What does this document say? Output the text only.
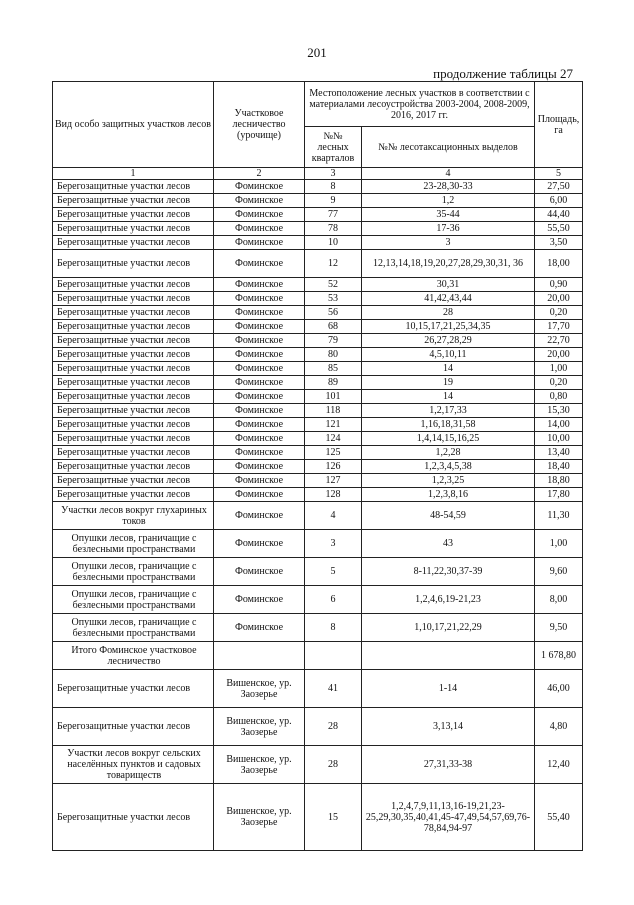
201
продолжение таблицы 27
Вид особо защитных участков лесов	Участковое лесничество (урочище)	Местоположение лесных участков в соответствии с материалами лесоустройства 2003-2004, 2008-2009, 2016, 2017 гг.		Площадь, га
		№№ лесных кварталов	№№ лесотаксационных выделов	
1	2	3	4	5
Берегозащитные участки лесов	Фоминское	8	23-28,30-33	27,50
Берегозащитные участки лесов	Фоминское	9	1,2	6,00
Берегозащитные участки лесов	Фоминское	77	35-44	44,40
Берегозащитные участки лесов	Фоминское	78	17-36	55,50
Берегозащитные участки лесов	Фоминское	10	3	3,50
Берегозащитные участки лесов	Фоминское	12	12,13,14,18,19,20,27,28,29,30,31, 36	18,00
Берегозащитные участки лесов	Фоминское	52	30,31	0,90
Берегозащитные участки лесов	Фоминское	53	41,42,43,44	20,00
Берегозащитные участки лесов	Фоминское	56	28	0,20
Берегозащитные участки лесов	Фоминское	68	10,15,17,21,25,34,35	17,70
Берегозащитные участки лесов	Фоминское	79	26,27,28,29	22,70
Берегозащитные участки лесов	Фоминское	80	4,5,10,11	20,00
Берегозащитные участки лесов	Фоминское	85	14	1,00
Берегозащитные участки лесов	Фоминское	89	19	0,20
Берегозащитные участки лесов	Фоминское	101	14	0,80
Берегозащитные участки лесов	Фоминское	118	1,2,17,33	15,30
Берегозащитные участки лесов	Фоминское	121	1,16,18,31,58	14,00
Берегозащитные участки лесов	Фоминское	124	1,4,14,15,16,25	10,00
Берегозащитные участки лесов	Фоминское	125	1,2,28	13,40
Берегозащитные участки лесов	Фоминское	126	1,2,3,4,5,38	18,40
Берегозащитные участки лесов	Фоминское	127	1,2,3,25	18,80
Берегозащитные участки лесов	Фоминское	128	1,2,3,8,16	17,80
Участки лесов вокруг глухариных токов	Фоминское	4	48-54,59	11,30
Опушки лесов, граничащие с безлесными пространствами	Фоминское	3	43	1,00
Опушки лесов, граничащие с безлесными пространствами	Фоминское	5	8-11,22,30,37-39	9,60
Опушки лесов, граничащие с безлесными пространствами	Фоминское	6	1,2,4,6,19-21,23	8,00
Опушки лесов, граничащие с безлесными пространствами	Фоминское	8	1,10,17,21,22,29	9,50
Итого Фоминское участковое лесничество				1 678,80
Берегозащитные участки лесов	Вишенское, ур. Заозерье	41	1-14	46,00
Берегозащитные участки лесов	Вишенское, ур. Заозерье	28	3,13,14	4,80
Участки лесов вокруг сельских населённых пунктов и садовых товариществ	Вишенское, ур. Заозерье	28	27,31,33-38	12,40
Берегозащитные участки лесов	Вишенское, ур. Заозерье	15	1,2,4,7,9,11,13,16-19,21,23-25,29,30,35,40,41,45-47,49,54,57,69,76-78,84,94-97	55,40
